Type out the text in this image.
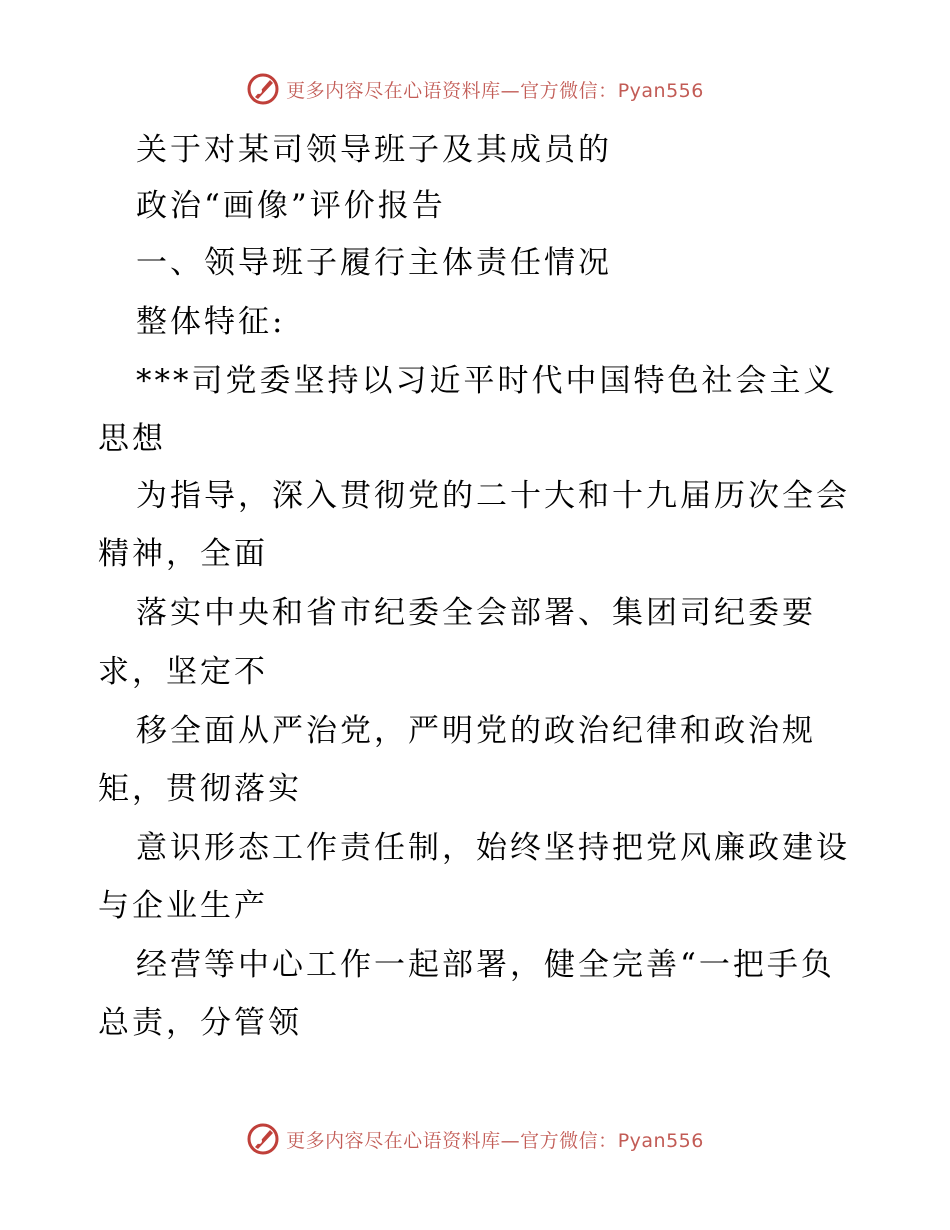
更多内容尽在心语资料库—官方微信：Pyan556
关于对某司领导班子及其成员的
政治“画像”评价报告
一、领导班子履行主体责任情况
整体特征:
***司党委坚持以习近平时代中国特色社会主义
思想
为指导，深入贯彻党的二十大和十九届历次全会
精神，全面
落实中央和省市纪委全会部署、集团司纪委要
求，坚定不
移全面从严治党，严明党的政治纪律和政治规
矩，贯彻落实
意识形态工作责任制，始终坚持把党风廉政建设
与企业生产
经营等中心工作一起部署，健全完善“一把手负
总责，分管领
更多内容尽在心语资料库—官方微信：Pyan556
